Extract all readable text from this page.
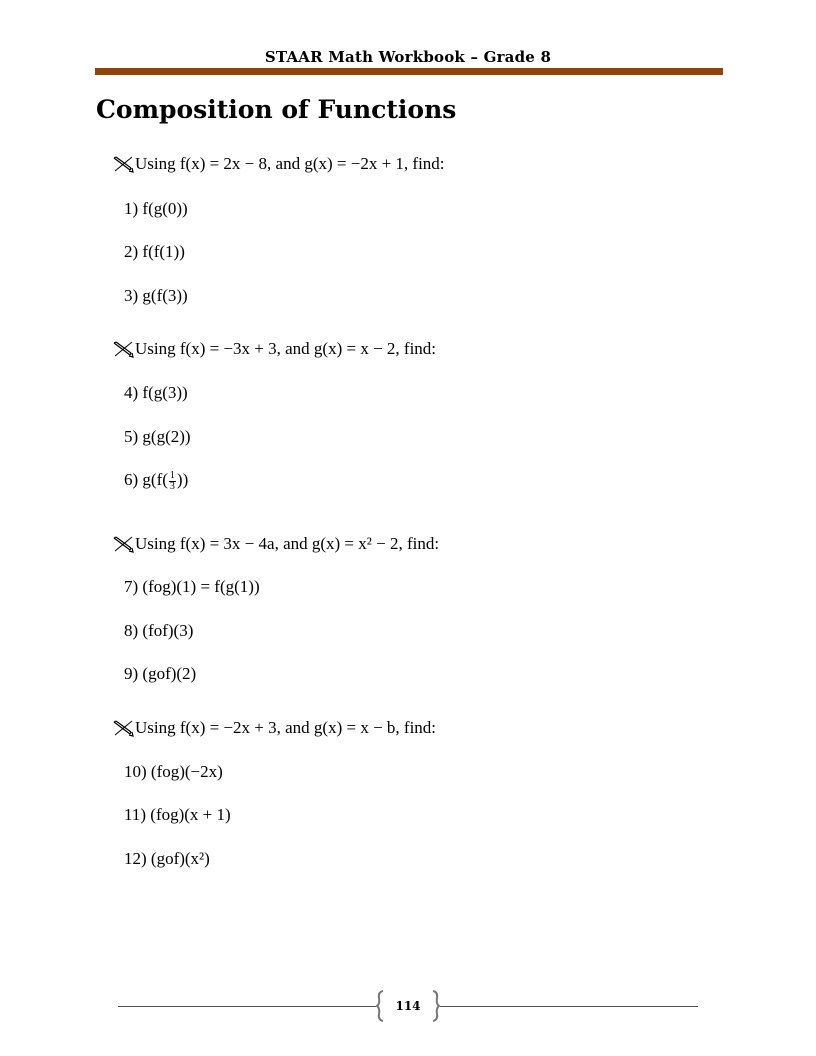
STAAR Math Workbook – Grade 8
Composition of Functions
Using f(x) = 2x − 8, and g(x) = −2x + 1, find:
1) f(g(0))
2) f(f(1))
3) g(f(3))
Using f(x) = −3x + 3, and g(x) = x − 2, find:
4) f(g(3))
5) g(g(2))
6) $g(f( \frac{1}{3}$ ))
Using f(x) = 3x − 4a, and g(x) = x² − 2, find:
7) (fog)(1) = f(g(1))
8) (fof)(3)
9) (gof)(2)
Using f(x) = −2x + 3, and g(x) = x − b, find:
10) (fog)(−2x)
11) (fog)(x + 1)
12) (gof)(x²)
114
